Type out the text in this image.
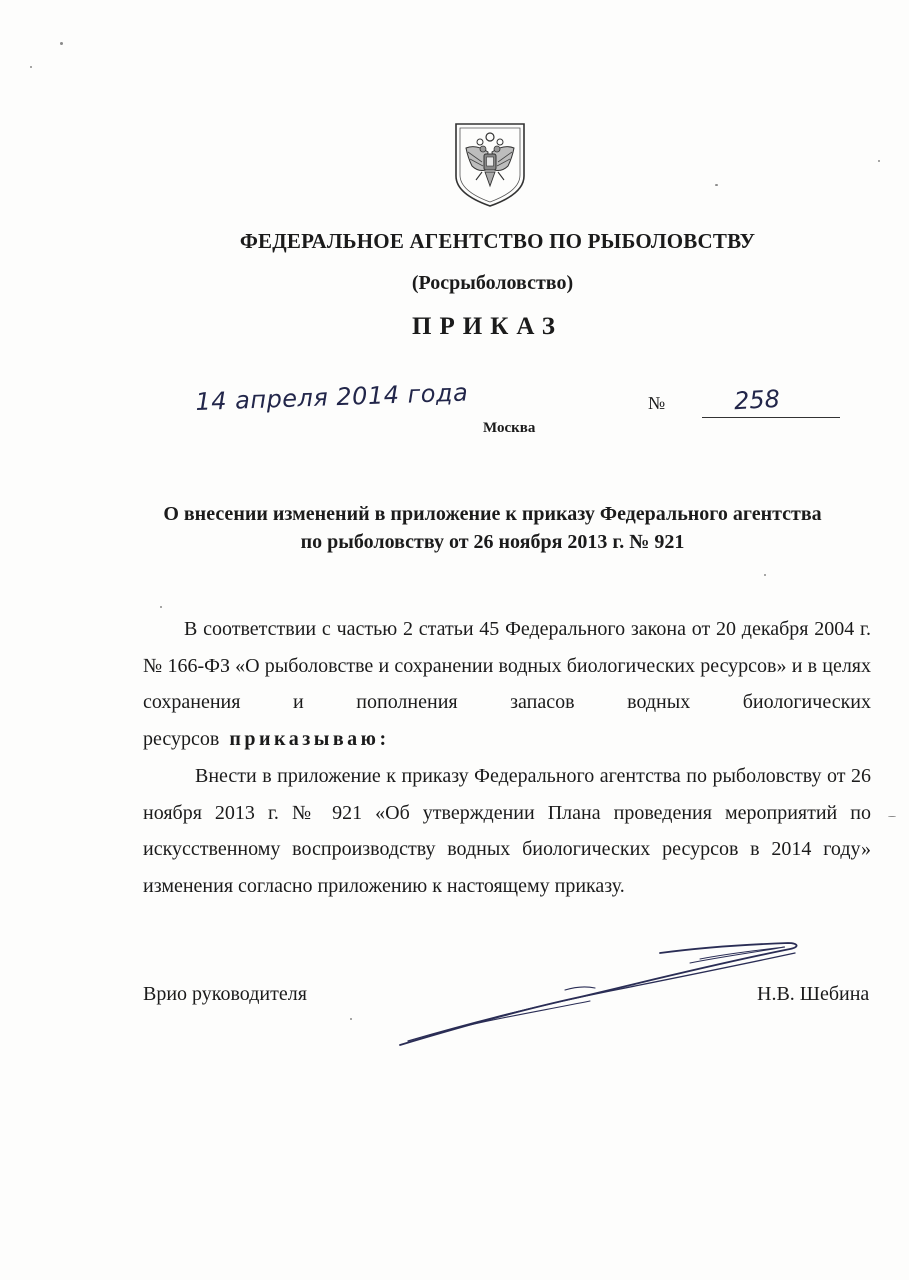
ФЕДЕРАЛЬНОЕ АГЕНТСТВО ПО РЫБОЛОВСТВУ
(Росрыболовство)
ПРИКАЗ
14 апреля 2014 года
Москва
№	258
О внесении изменений в приложение к приказу Федерального агентства
по рыболовству от 26 ноября 2013 г. № 921
В соответствии с частью 2 статьи 45 Федерального закона от 20 декабря 2004 г. № 166-ФЗ «О рыболовстве и сохранении водных биологических ресурсов» и в целях сохранения и пополнения запасов водных биологических ресурсов приказываю:
Внести в приложение к приказу Федерального агентства по рыболовству от 26 ноября 2013 г. № 921 «Об утверждении Плана проведения мероприятий по искусственному воспроизводству водных биологических ресурсов в 2014 году» изменения согласно приложению к настоящему приказу.
Врио руководителя	Н.В. Шебина
